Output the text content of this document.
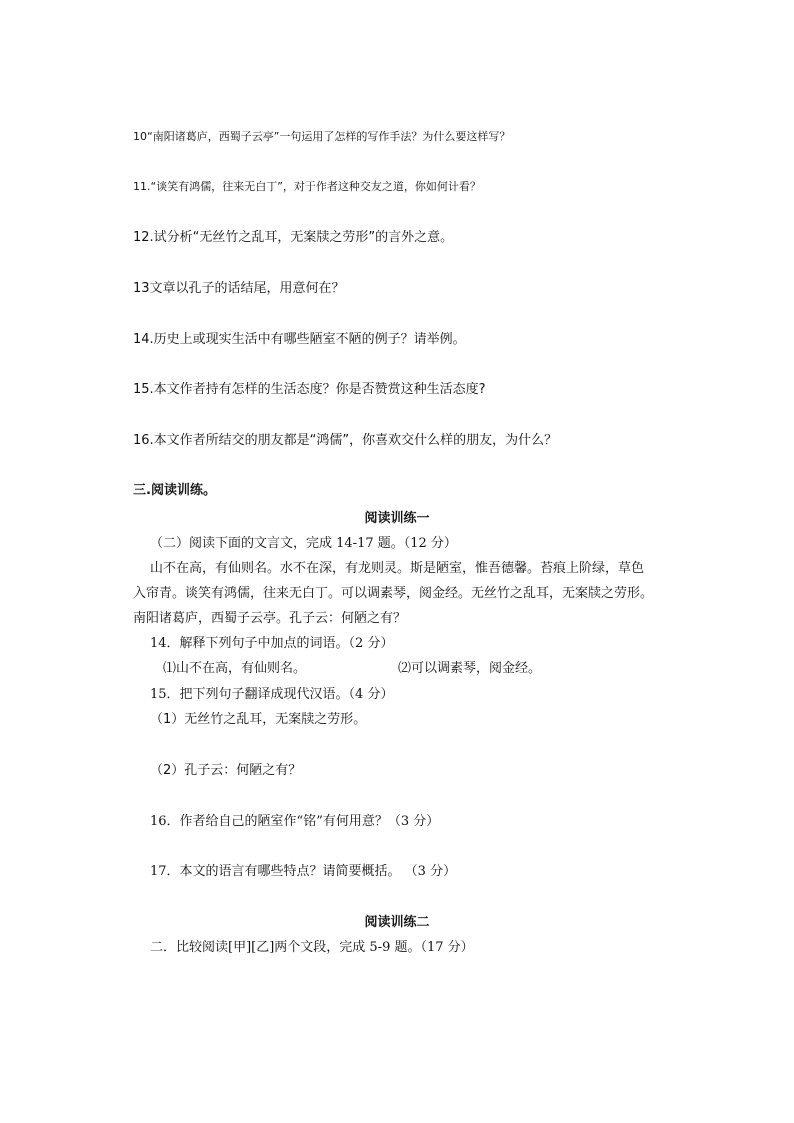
10“南阳诸葛庐，西蜀子云亭”一句运用了怎样的写作手法？为什么要这样写？
11.“谈笑有鸿儒，往来无白丁”，对于作者这种交友之道，你如何计看？
12.试分析“无丝竹之乱耳，无案牍之劳形”的言外之意。
13文章以孔子的话结尾，用意何在？
14.历史上或现实生活中有哪些陋室不陋的例子？请举例。
15.本文作者持有怎样的生活态度？你是否赞赏这种生活态度?
16.本文作者所结交的朋友都是“鸿儒”，你喜欢交什么样的朋友，为什么？
三.阅读训练。
阅读训练一
（二）阅读下面的文言文，完成 14-17 题。（12 分）
山不在高，有仙则名。水不在深，有龙则灵。斯是陋室，惟吾德馨。苔痕上阶绿，草色
入帘青。谈笑有鸿儒，往来无白丁。可以调素琴，阅金经。无丝竹之乱耳，无案牍之劳形。
南阳诸葛庐，西蜀子云亭。孔子云：何陋之有？
14．解释下列句子中加点的词语。（2 分）
⑴山不在高，有仙则名。	⑵可以调素琴，阅金经。
15．把下列句子翻译成现代汉语。（4 分）
（1）无丝竹之乱耳，无案牍之劳形。
（2）孔子云：何陋之有？
16．作者给自己的陋室作“铭”有何用意？（3 分）
17．本文的语言有哪些特点？请简要概括。 （3 分）
阅读训练二
二．比较阅读[甲][乙]两个文段，完成 5-9 题。（17 分）
